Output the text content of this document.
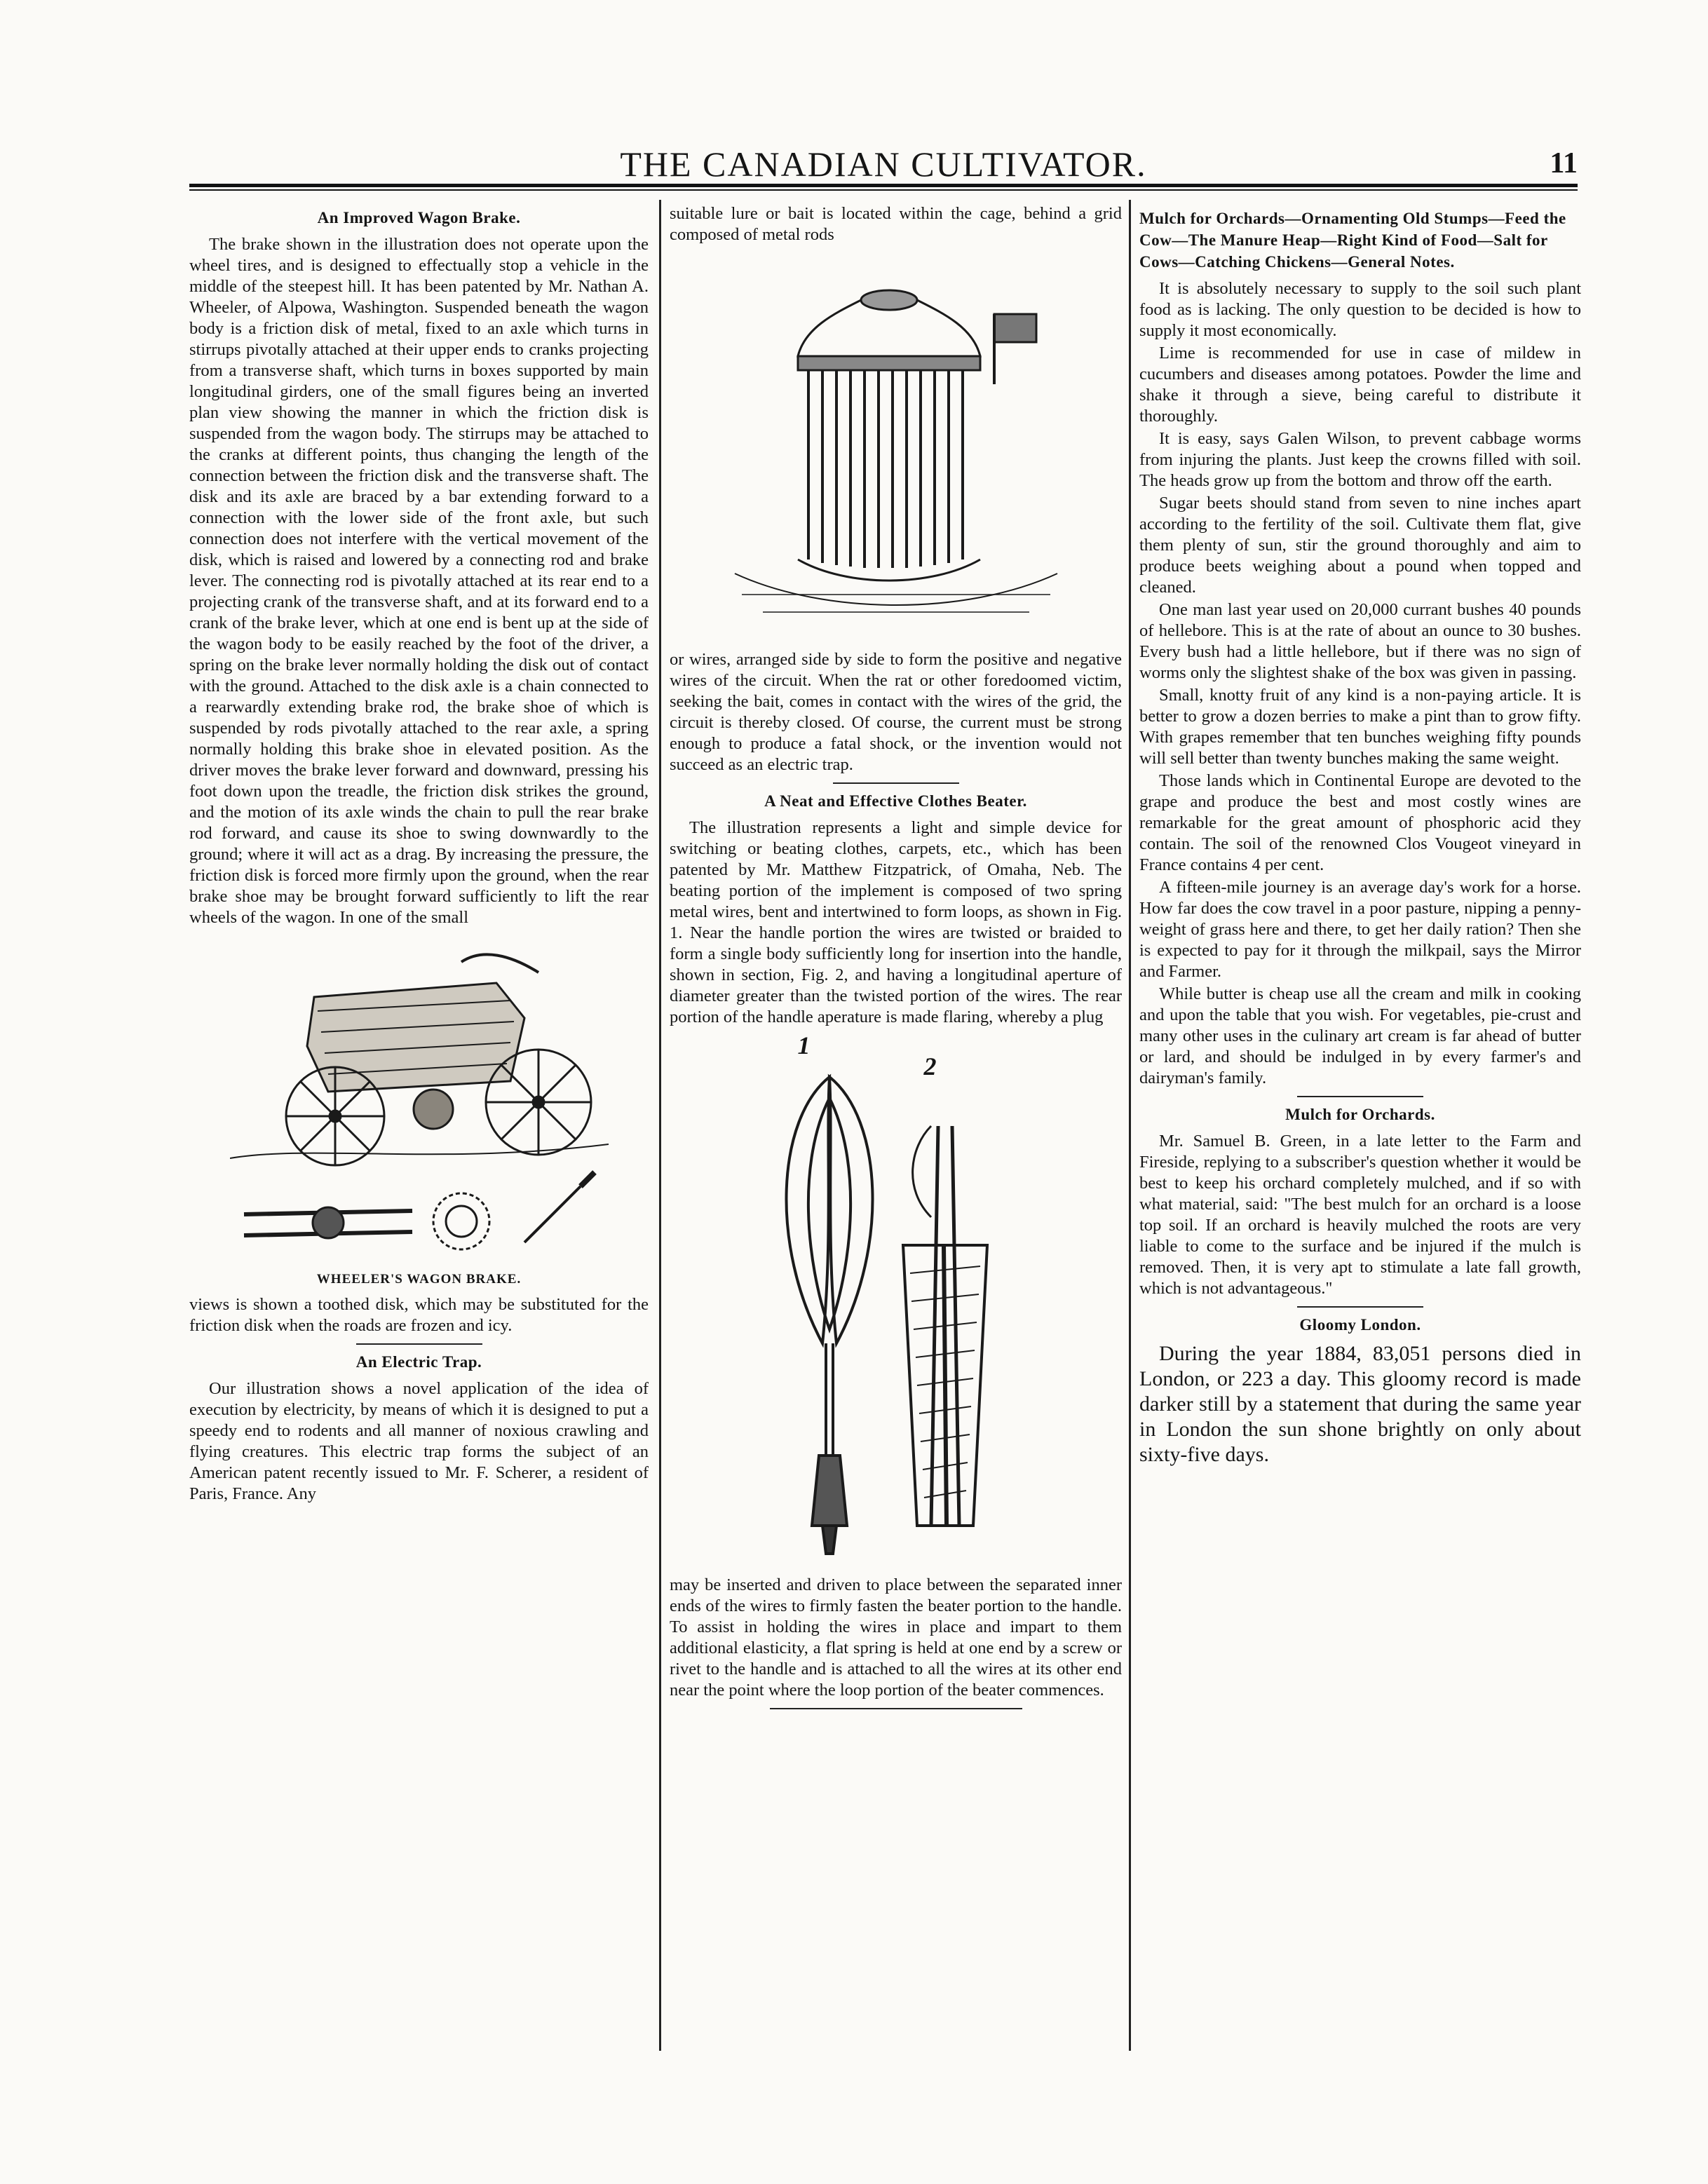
THE CANADIAN CULTIVATOR.	11
An Improved Wagon Brake.

The brake shown in the illustration does not operate upon the wheel tires, and is designed to effectually stop a vehicle in the middle of the steepest hill. It has been patented by Mr. Nathan A. Wheeler, of Alpowa, Washington. Suspended beneath the wagon body is a friction disk of metal, fixed to an axle which turns in stirrups pivotally attached at their upper ends to cranks projecting from a transverse shaft, which turns in boxes supported by main longitudinal girders, one of the small figures being an inverted plan view showing the manner in which the friction disk is suspended from the wagon body. The stirrups may be attached to the cranks at different points, thus changing the length of the connection between the friction disk and the transverse shaft. The disk and its axle are braced by a bar extending forward to a connection with the lower side of the front axle, but such connection does not interfere with the vertical movement of the disk, which is raised and lowered by a connecting rod and brake lever. The connecting rod is pivotally attached at its rear end to a projecting crank of the transverse shaft, and at its forward end to a crank of the brake lever, which at one end is bent up at the side of the wagon body to be easily reached by the foot of the driver, a spring on the brake lever normally holding the disk out of contact with the ground. Attached to the disk axle is a chain connected to a rearwardly extending brake rod, the brake shoe of which is suspended by rods pivotally attached to the rear axle, a spring normally holding this brake shoe in elevated position. As the driver moves the brake lever forward and downward, pressing his foot down upon the treadle, the friction disk strikes the ground, and the motion of its axle winds the chain to pull the rear brake rod forward, and cause its shoe to swing downwardly to the ground; where it will act as a drag. By increasing the pressure, the friction disk is forced more firmly upon the ground, when the rear brake shoe may be brought forward sufficiently to lift the rear wheels of the wagon. In one of the small

WHEELER'S WAGON BRAKE.

views is shown a toothed disk, which may be substituted for the friction disk when the roads are frozen and icy.

An Electric Trap.

Our illustration shows a novel application of the idea of execution by electricity, by means of which it is designed to put a speedy end to rodents and all manner of noxious crawling and flying creatures. This electric trap forms the subject of an American patent recently issued to Mr. F. Scherer, a resident of Paris, France. Any

suitable lure or bait is located within the cage, behind a grid composed of metal rods

or wires, arranged side by side to form the positive and negative wires of the circuit. When the rat or other foredoomed victim, seeking the bait, comes in contact with the wires of the grid, the circuit is thereby closed. Of course, the current must be strong enough to produce a fatal shock, or the invention would not succeed as an electric trap.

A Neat and Effective Clothes Beater.

The illustration represents a light and simple device for switching or beating clothes, carpets, etc., which has been patented by Mr. Matthew Fitzpatrick, of Omaha, Neb. The beating portion of the implement is composed of two spring metal wires, bent and intertwined to form loops, as shown in Fig. 1. Near the handle portion the wires are twisted or braided to form a single body sufficiently long for insertion into the handle, shown in section, Fig. 2, and having a longitudinal aperture of diameter greater than the twisted portion of the wires. The rear portion of the handle aperature is made flaring, whereby a plug

1
2

may be inserted and driven to place between the separated inner ends of the wires to firmly fasten the beater portion to the handle. To assist in holding the wires in place and impart to them additional elasticity, a flat spring is held at one end by a screw or rivet to the handle and is attached to all the wires at its other end near the point where the loop portion of the beater commences.

Mulch for Orchards—Ornamenting Old Stumps—Feed the Cow—The Manure Heap—Right Kind of Food—Salt for Cows—Catching Chickens—General Notes.

It is absolutely necessary to supply to the soil such plant food as is lacking. The only question to be decided is how to supply it most economically.

Lime is recommended for use in case of mildew in cucumbers and diseases among potatoes. Powder the lime and shake it through a sieve, being careful to distribute it thoroughly.

It is easy, says Galen Wilson, to prevent cabbage worms from injuring the plants. Just keep the crowns filled with soil. The heads grow up from the bottom and throw off the earth.

Sugar beets should stand from seven to nine inches apart according to the fertility of the soil. Cultivate them flat, give them plenty of sun, stir the ground thoroughly and aim to produce beets weighing about a pound when topped and cleaned.

One man last year used on 20,000 currant bushes 40 pounds of hellebore. This is at the rate of about an ounce to 30 bushes. Every bush had a little hellebore, but if there was no sign of worms only the slightest shake of the box was given in passing.

Small, knotty fruit of any kind is a non-paying article. It is better to grow a dozen berries to make a pint than to grow fifty. With grapes remember that ten bunches weighing fifty pounds will sell better than twenty bunches making the same weight.

Those lands which in Continental Europe are devoted to the grape and produce the best and most costly wines are remarkable for the great amount of phosphoric acid they contain. The soil of the renowned Clos Vougeot vineyard in France contains 4 per cent.

A fifteen-mile journey is an average day's work for a horse. How far does the cow travel in a poor pasture, nipping a penny-weight of grass here and there, to get her daily ration? Then she is expected to pay for it through the milkpail, says the Mirror and Farmer.

While butter is cheap use all the cream and milk in cooking and upon the table that you wish. For vegetables, pie-crust and many other uses in the culinary art cream is far ahead of butter or lard, and should be indulged in by every farmer's and dairyman's family.

Mulch for Orchards.

Mr. Samuel B. Green, in a late letter to the Farm and Fireside, replying to a subscriber's question whether it would be best to keep his orchard completely mulched, and if so with what material, said: "The best mulch for an orchard is a loose top soil. If an orchard is heavily mulched the roots are very liable to come to the surface and be injured if the mulch is removed. Then, it is very apt to stimulate a late fall growth, which is not advantageous."

Gloomy London.

During the year 1884, 83,051 persons died in London, or 223 a day. This gloomy record is made darker still by a statement that during the same year in London the sun shone brightly on only about sixty-five days.
